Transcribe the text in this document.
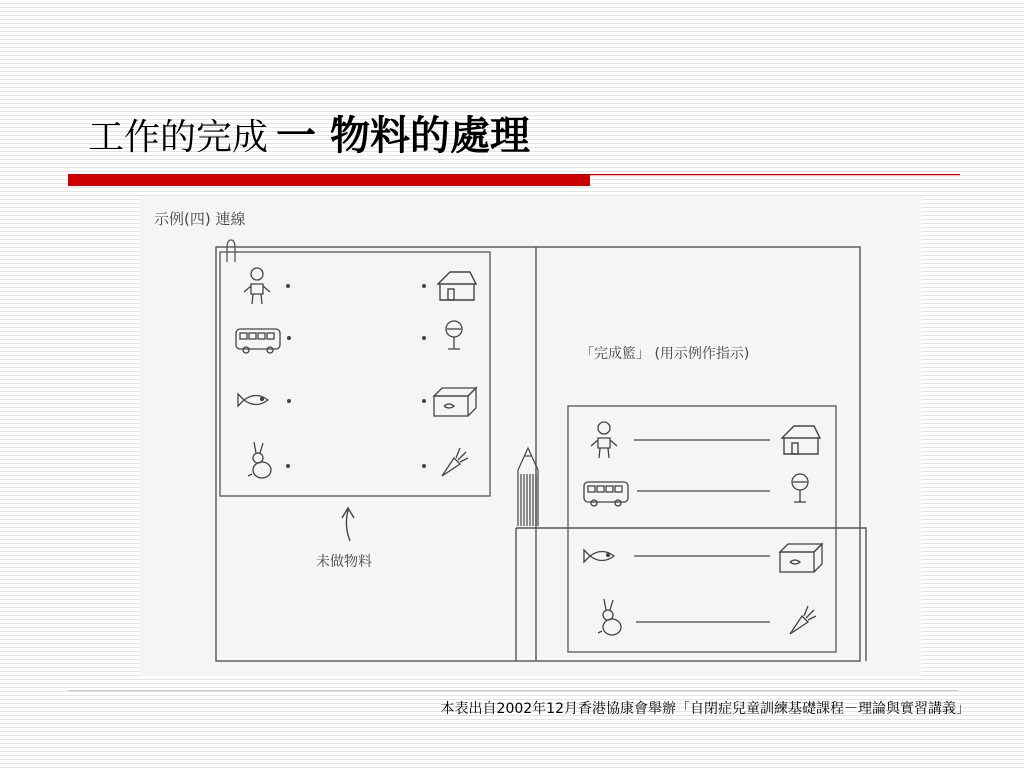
工作的完成 一 物料的處理
示例(四) 連線
未做物料
「完成籃」 (用示例作指示)
本表出自2002年12月香港協康會舉辦「自閉症兒童訓練基礎課程－理論與實習講義」
